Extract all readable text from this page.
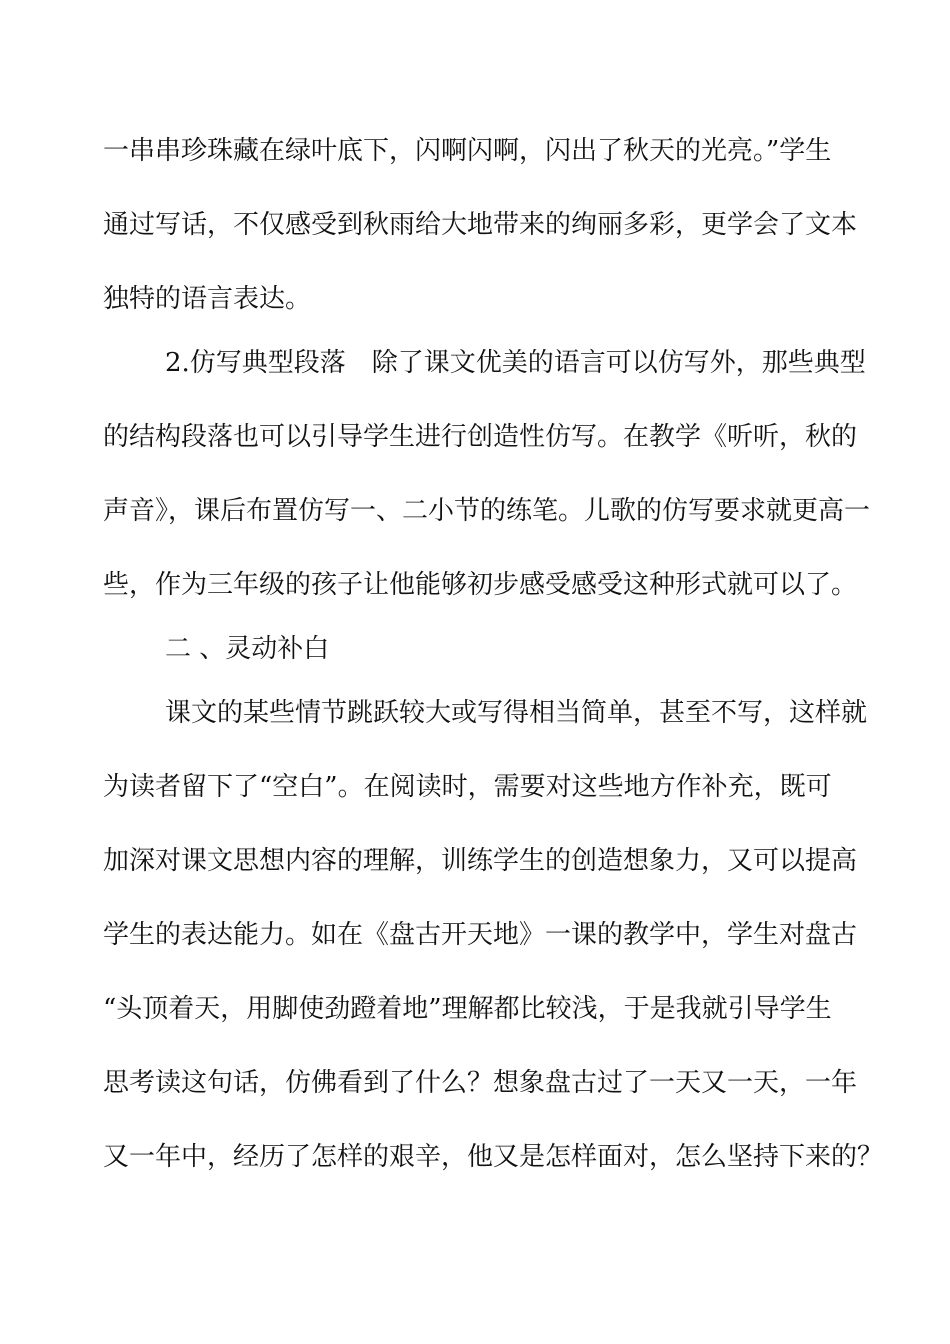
一串串珍珠藏在绿叶底下，闪啊闪啊，闪出了秋天的光亮。”学生
通过写话，不仅感受到秋雨给大地带来的绚丽多彩，更学会了文本
独特的语言表达。
2.仿写典型段落　除了课文优美的语言可以仿写外，那些典型
的结构段落也可以引导学生进行创造性仿写。在教学《听听，秋的
声音》，课后布置仿写一、二小节的练笔。儿歌的仿写要求就更高一
些，作为三年级的孩子让他能够初步感受感受这种形式就可以了。
二 、灵动补白
课文的某些情节跳跃较大或写得相当简单，甚至不写，这样就
为读者留下了“空白”。在阅读时，需要对这些地方作补充，既可
加深对课文思想内容的理解，训练学生的创造想象力，又可以提高
学生的表达能力。如在《盘古开天地》一课的教学中，学生对盘古
“头顶着天，用脚使劲蹬着地”理解都比较浅，于是我就引导学生
思考读这句话，仿佛看到了什么？想象盘古过了一天又一天，一年
又一年中，经历了怎样的艰辛，他又是怎样面对，怎么坚持下来的？
